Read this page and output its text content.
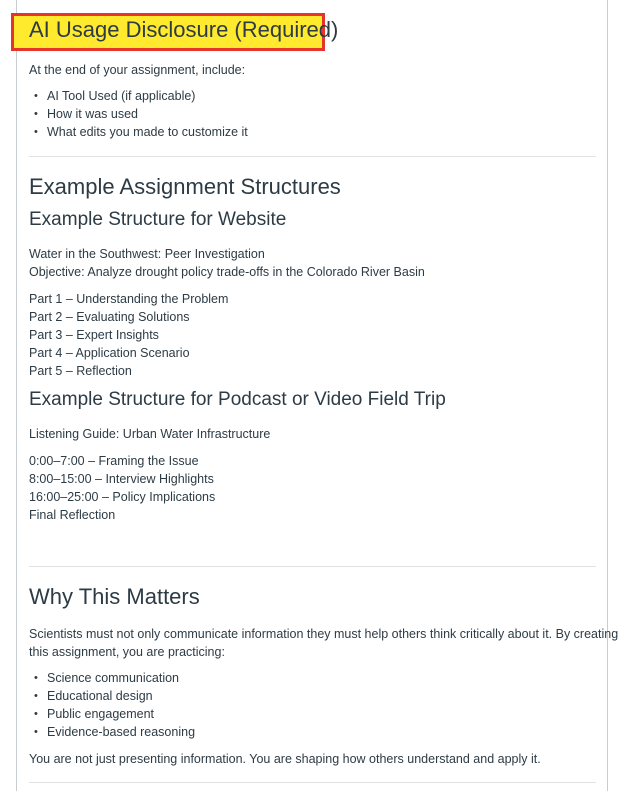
AI Usage Disclosure (Required)

At the end of your assignment, include:

• AI Tool Used (if applicable)
• How it was used
• What edits you made to customize it
Example Assignment Structures
Example Structure for Website

Water in the Southwest: Peer Investigation

Objective: Analyze drought policy trade-offs in the Colorado River Basin

Part 1 – Understanding the Problem
Part 2 – Evaluating Solutions
Part 3 – Expert Insights
Part 4 – Application Scenario
Part 5 – Reflection
Example Structure for Podcast or Video Field Trip

Listening Guide: Urban Water Infrastructure

0:00–7:00 – Framing the Issue
8:00–15:00 – Interview Highlights
16:00–25:00 – Policy Implications
Final Reflection
Why This Matters

Scientists must not only communicate information they must help others think critically about it. By creating

this assignment, you are practicing:

• Science communication
• Educational design
• Public engagement
• Evidence-based reasoning

You are not just presenting information. You are shaping how others understand and apply it.
